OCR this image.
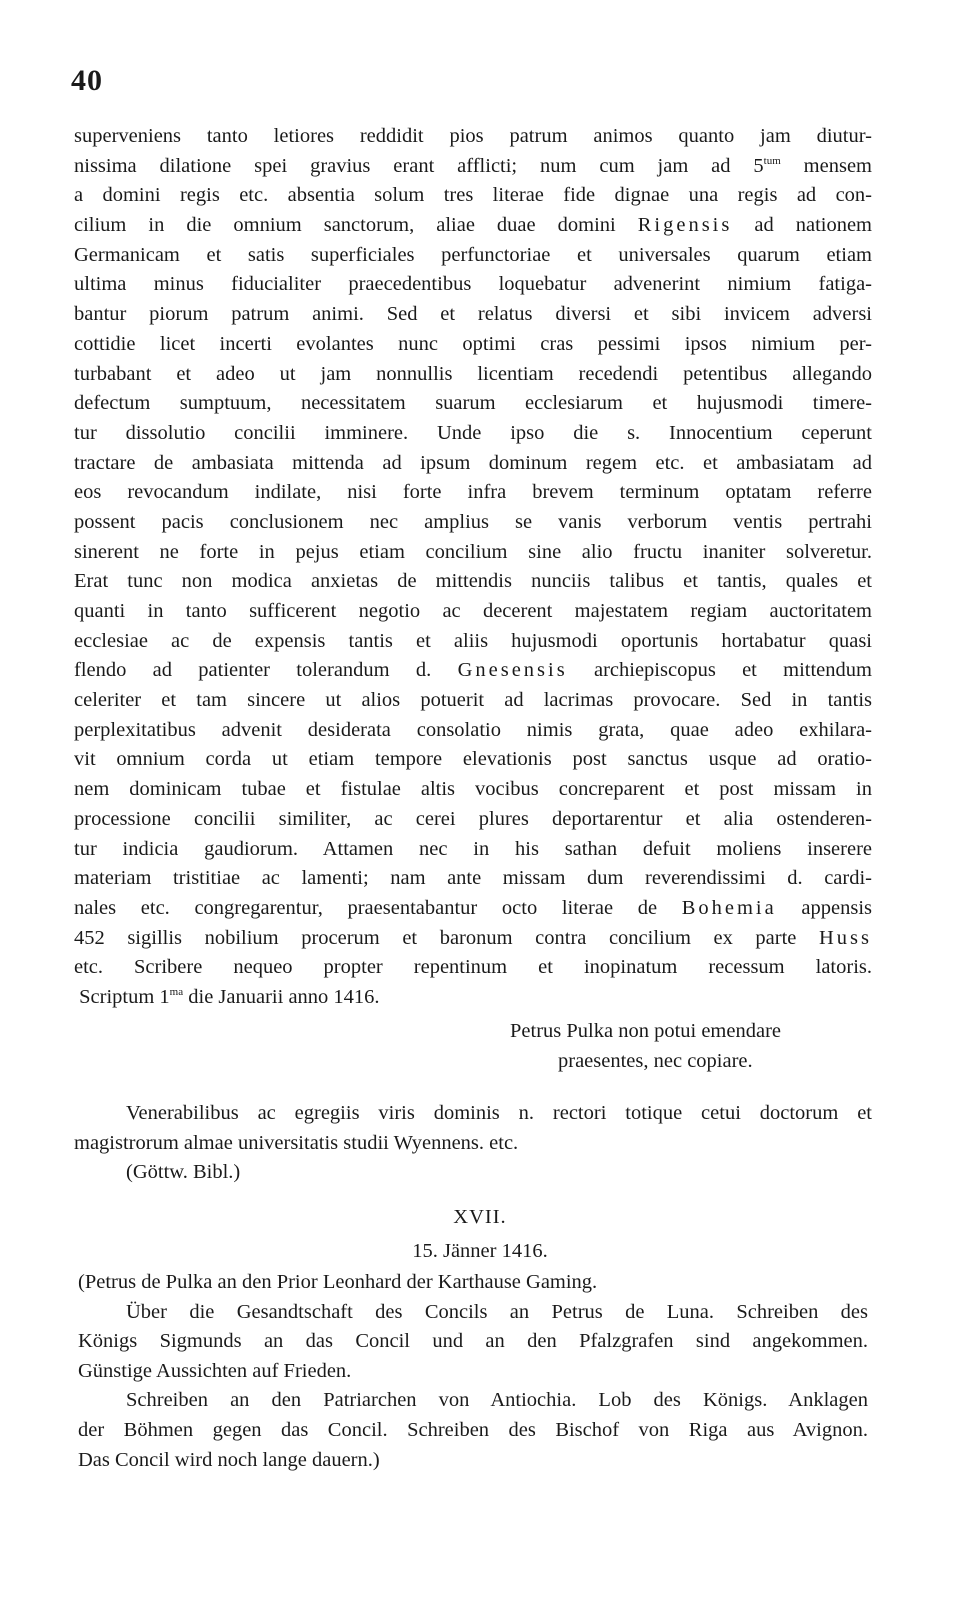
40
superveniens tanto letiores reddidit pios patrum animos quanto jam diutur-
nissima dilatione spei gravius erant afflicti; num cum jam ad $5^{tum}$ mensem
a domini regis etc. absentia solum tres literae fide dignae una regis ad con-
cilium in die omnium sanctorum, aliae duae domini Rigensis ad nationem
Germanicam et satis superficiales perfunctoriae et universales quarum etiam
ultima minus fiducialiter praecedentibus loquebatur advenerint nimium fatiga-
bantur piorum patrum animi. Sed et relatus diversi et sibi invicem adversi
cottidie licet incerti evolantes nunc optimi cras pessimi ipsos nimium per-
turbabant et adeo ut jam nonnullis licentiam recedendi petentibus allegando
defectum sumptuum, necessitatem suarum ecclesiarum et hujusmodi timere-
tur dissolutio concilii imminere. Unde ipso die s. Innocentium ceperunt
tractare de ambasiata mittenda ad ipsum dominum regem etc. et ambasiatam ad
eos revocandum indilate, nisi forte infra brevem terminum optatam referre
possent pacis conclusionem nec amplius se vanis verborum ventis pertrahi
sinerent ne forte in pejus etiam concilium sine alio fructu inaniter solveretur.
Erat tunc non modica anxietas de mittendis nunciis talibus et tantis, quales et
quanti in tanto sufficerent negotio ac decerent majestatem regiam auctoritatem
ecclesiae ac de expensis tantis et aliis hujusmodi oportunis hortabatur quasi
flendo ad patienter tolerandum d. Gnesensis archiepiscopus et mittendum
celeriter et tam sincere ut alios potuerit ad lacrimas provocare. Sed in tantis
perplexitatibus advenit desiderata consolatio nimis grata, quae adeo exhilara-
vit omnium corda ut etiam tempore elevationis post sanctus usque ad oratio-
nem dominicam tubae et fistulae altis vocibus concreparent et post missam in
processione concilii similiter, ac cerei plures deportarentur et alia ostenderen-
tur indicia gaudiorum. Attamen nec in his sathan defuit moliens inserere
materiam tristitiae ac lamenti; nam ante missam dum reverendissimi d. cardi-
nales etc. congregarentur, praesentabantur octo literae de Bohemia appensis
452 sigillis nobilium procerum et baronum contra concilium ex parte Huss
etc. Scribere nequeo propter repentinum et inopinatum recessum latoris.
Scriptum $1^{ma}$ die Januarii anno 1416.
Petrus Pulka non potui emendare
praesentes, nec copiare.
Venerabilibus ac egregiis viris dominis n. rectori totique cetui doctorum et
magistrorum almae universitatis studii Wyennens. etc.
(Göttw. Bibl.)
XVII.
15. Jänner 1416.
(Petrus de Pulka an den Prior Leonhard der Karthause Gaming.
Über die Gesandtschaft des Concils an Petrus de Luna. Schreiben des
Königs Sigmunds an das Concil und an den Pfalzgrafen sind angekommen.
Günstige Aussichten auf Frieden.
Schreiben an den Patriarchen von Antiochia. Lob des Königs. Anklagen
der Böhmen gegen das Concil. Schreiben des Bischof von Riga aus Avignon.
Das Concil wird noch lange dauern.)
